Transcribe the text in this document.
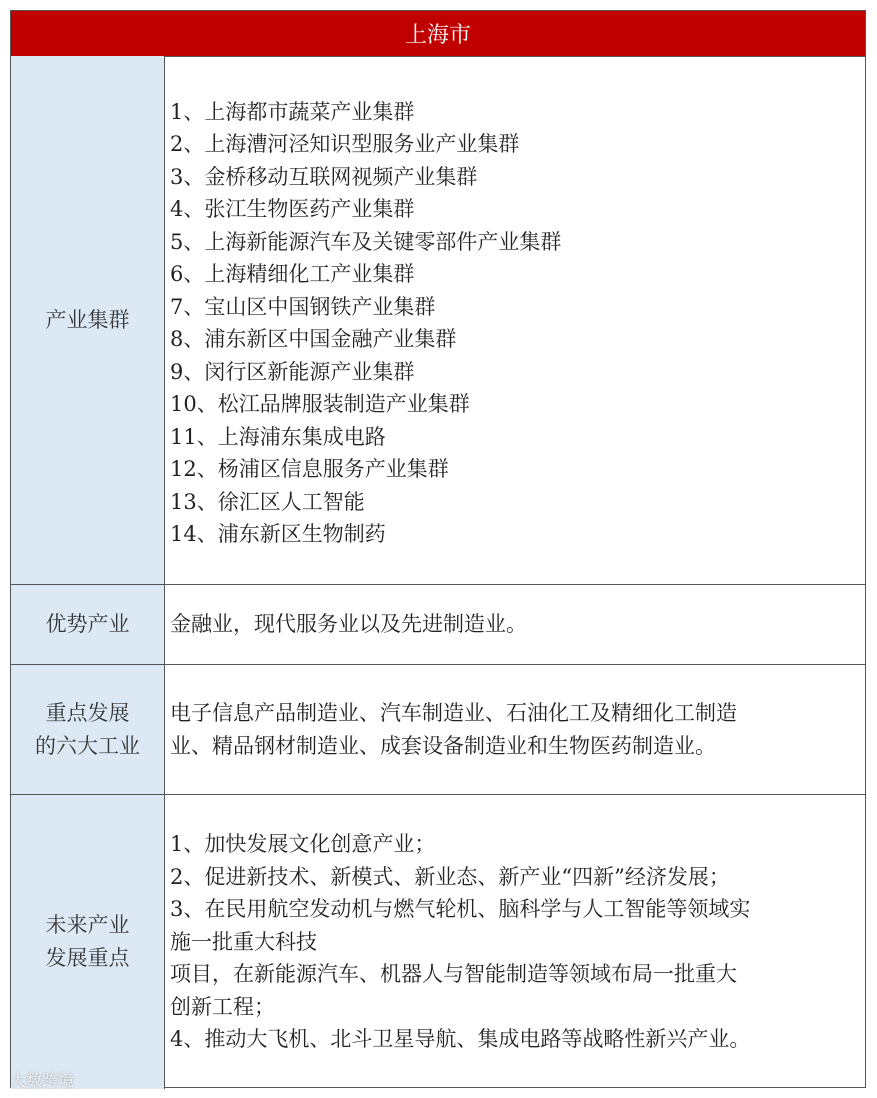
上海市
产业集群
1、上海都市蔬菜产业集群
2、上海漕河泾知识型服务业产业集群
3、金桥移动互联网视频产业集群
4、张江生物医药产业集群
5、上海新能源汽车及关键零部件产业集群
6、上海精细化工产业集群
7、宝山区中国钢铁产业集群
8、浦东新区中国金融产业集群
9、闵行区新能源产业集群
10、松江品牌服装制造产业集群
11、上海浦东集成电路
12、杨浦区信息服务产业集群
13、徐汇区人工智能
14、浦东新区生物制药
优势产业	金融业，现代服务业以及先进制造业。
重点发展
的六大工业
电子信息产品制造业、汽车制造业、石油化工及精细化工制造
业、精品钢材制造业、成套设备制造业和生物医药制造业。
未来产业
发展重点
1、加快发展文化创意产业；
2、促进新技术、新模式、新业态、新产业“四新”经济发展；
3、在民用航空发动机与燃气轮机、脑科学与人工智能等领域实
施一批重大科技
项目，在新能源汽车、机器人与智能制造等领域布局一批重大
创新工程；
4、推动大飞机、北斗卫星导航、集成电路等战略性新兴产业。
大数跨境
